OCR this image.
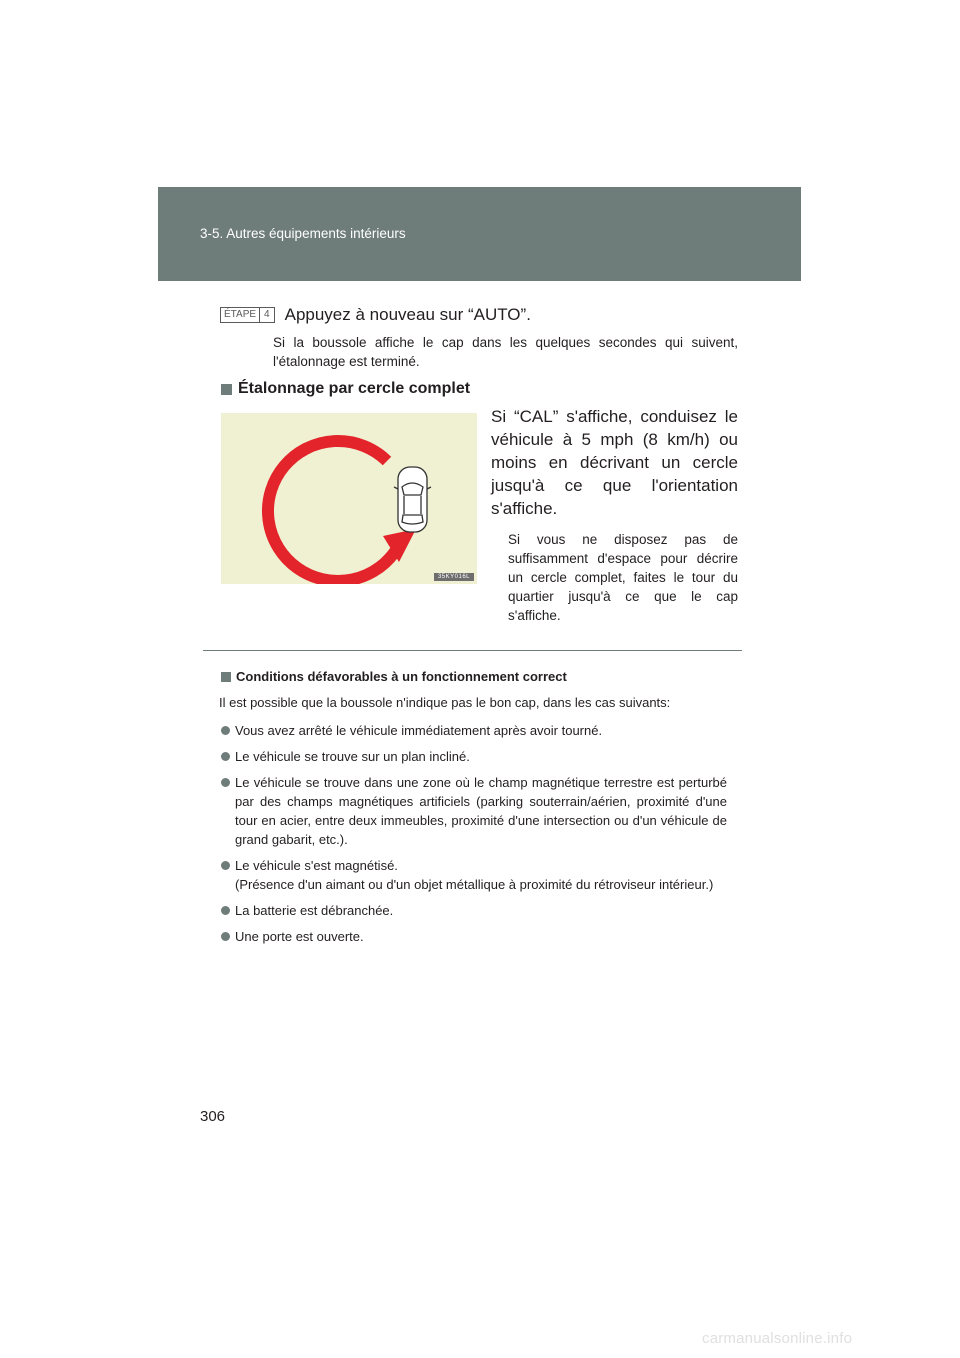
3-5. Autres équipements intérieurs
ÉTAPE 4 Appuyez à nouveau sur “AUTO”.
Si la boussole affiche le cap dans les quelques secondes qui suivent, l'étalonnage est terminé.
Étalonnage par cercle complet
35KY016L
Si “CAL” s'affiche, conduisez le véhicule à 5 mph (8 km/h) ou moins en décrivant un cercle jusqu'à ce que l'orientation s'affiche.
Si vous ne disposez pas de suffisamment d'espace pour décrire un cercle complet, faites le tour du quartier jusqu'à ce que le cap s'affiche.
Conditions défavorables à un fonctionnement correct
Il est possible que la boussole n'indique pas le bon cap, dans les cas suivants:
Vous avez arrêté le véhicule immédiatement après avoir tourné.
Le véhicule se trouve sur un plan incliné.
Le véhicule se trouve dans une zone où le champ magnétique terrestre est perturbé par des champs magnétiques artificiels (parking souterrain/aérien, proximité d'une tour en acier, entre deux immeubles, proximité d'une intersection ou d'un véhicule de grand gabarit, etc.).
Le véhicule s'est magnétisé.
(Présence d'un aimant ou d'un objet métallique à proximité du rétroviseur intérieur.)
La batterie est débranchée.
Une porte est ouverte.
306
carmanualsonline.info
